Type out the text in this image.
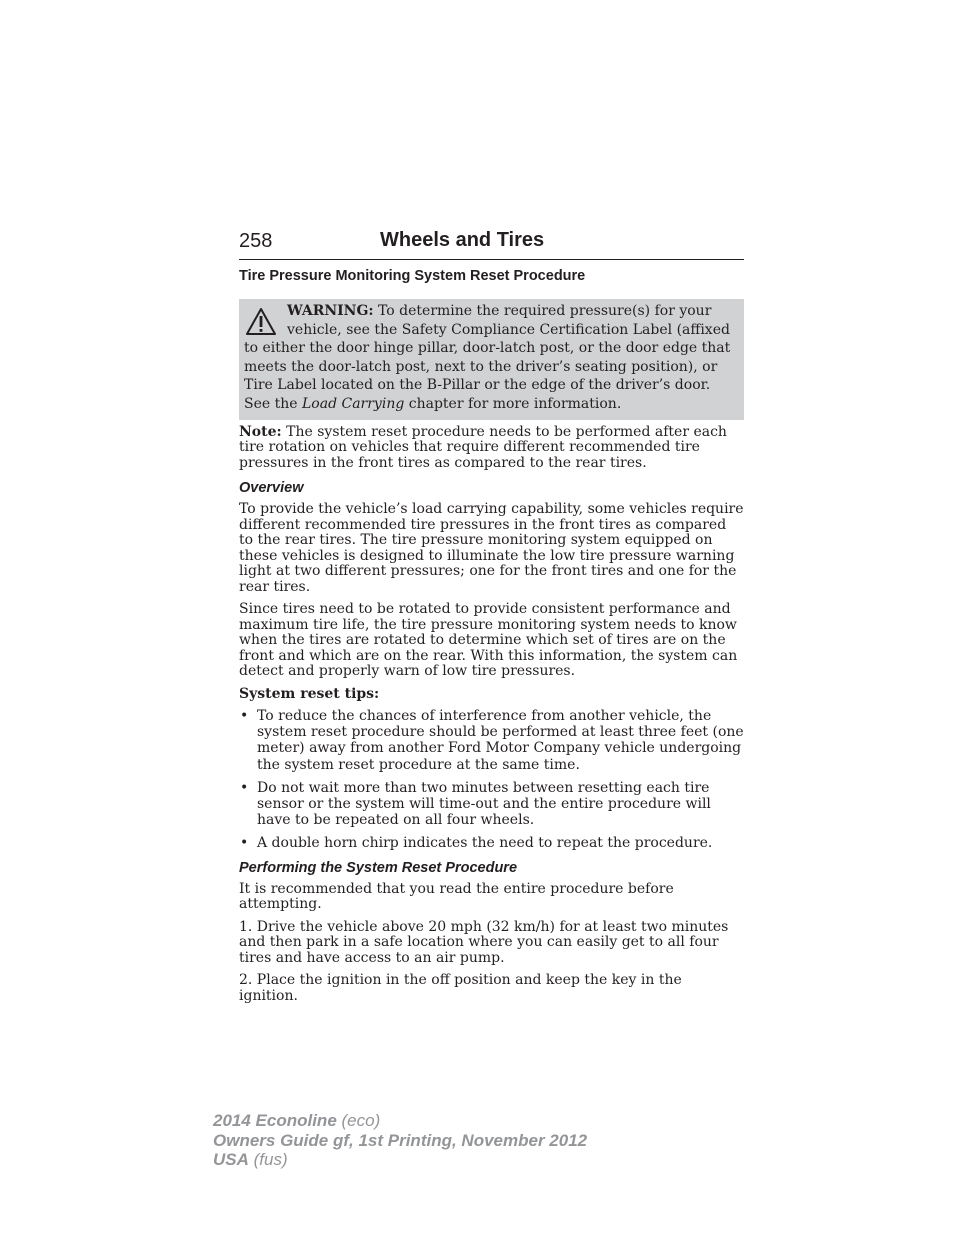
258	Wheels and Tires
Tire Pressure Monitoring System Reset Procedure

WARNING: To determine the required pressure(s) for your vehicle, see the Safety Compliance Certification Label (affixed to either the door hinge pillar, door-latch post, or the door edge that meets the door-latch post, next to the driver’s seating position), or Tire Label located on the B-Pillar or the edge of the driver’s door. See the Load Carrying chapter for more information.

Note: The system reset procedure needs to be performed after each tire rotation on vehicles that require different recommended tire pressures in the front tires as compared to the rear tires.

Overview

To provide the vehicle’s load carrying capability, some vehicles require different recommended tire pressures in the front tires as compared to the rear tires. The tire pressure monitoring system equipped on these vehicles is designed to illuminate the low tire pressure warning light at two different pressures; one for the front tires and one for the rear tires.

Since tires need to be rotated to provide consistent performance and maximum tire life, the tire pressure monitoring system needs to know when the tires are rotated to determine which set of tires are on the front and which are on the rear. With this information, the system can detect and properly warn of low tire pressures.

System reset tips:

• To reduce the chances of interference from another vehicle, the system reset procedure should be performed at least three feet (one meter) away from another Ford Motor Company vehicle undergoing the system reset procedure at the same time.
• Do not wait more than two minutes between resetting each tire sensor or the system will time-out and the entire procedure will have to be repeated on all four wheels.
• A double horn chirp indicates the need to repeat the procedure.
Performing the System Reset Procedure

It is recommended that you read the entire procedure before attempting.

1. Drive the vehicle above 20 mph (32 km/h) for at least two minutes and then park in a safe location where you can easily get to all four tires and have access to an air pump.

2. Place the ignition in the off position and keep the key in the ignition.

2014 Econoline (eco)
Owners Guide gf, 1st Printing, November 2012
USA (fus)
